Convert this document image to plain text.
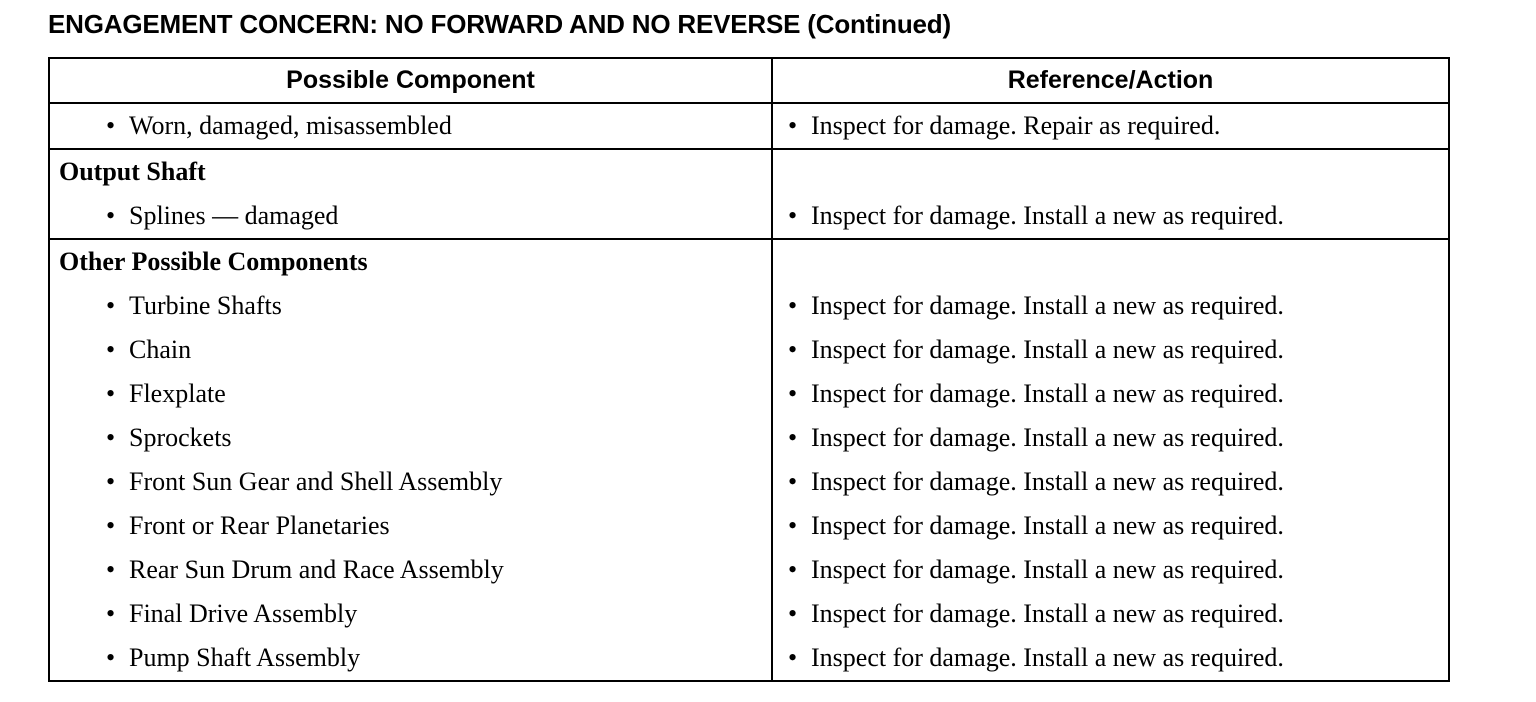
ENGAGEMENT CONCERN: NO FORWARD AND NO REVERSE (Continued)
Possible Component	Reference/Action
• Worn, damaged, misassembled	• Inspect for damage. Repair as required.
Output Shaft	
• Splines — damaged	• Inspect for damage. Install a new as required.
Other Possible Components	
• Turbine Shafts	• Inspect for damage. Install a new as required.
• Chain	• Inspect for damage. Install a new as required.
• Flexplate	• Inspect for damage. Install a new as required.
• Sprockets	• Inspect for damage. Install a new as required.
• Front Sun Gear and Shell Assembly	• Inspect for damage. Install a new as required.
• Front or Rear Planetaries	• Inspect for damage. Install a new as required.
• Rear Sun Drum and Race Assembly	• Inspect for damage. Install a new as required.
• Final Drive Assembly	• Inspect for damage. Install a new as required.
• Pump Shaft Assembly	• Inspect for damage. Install a new as required.
